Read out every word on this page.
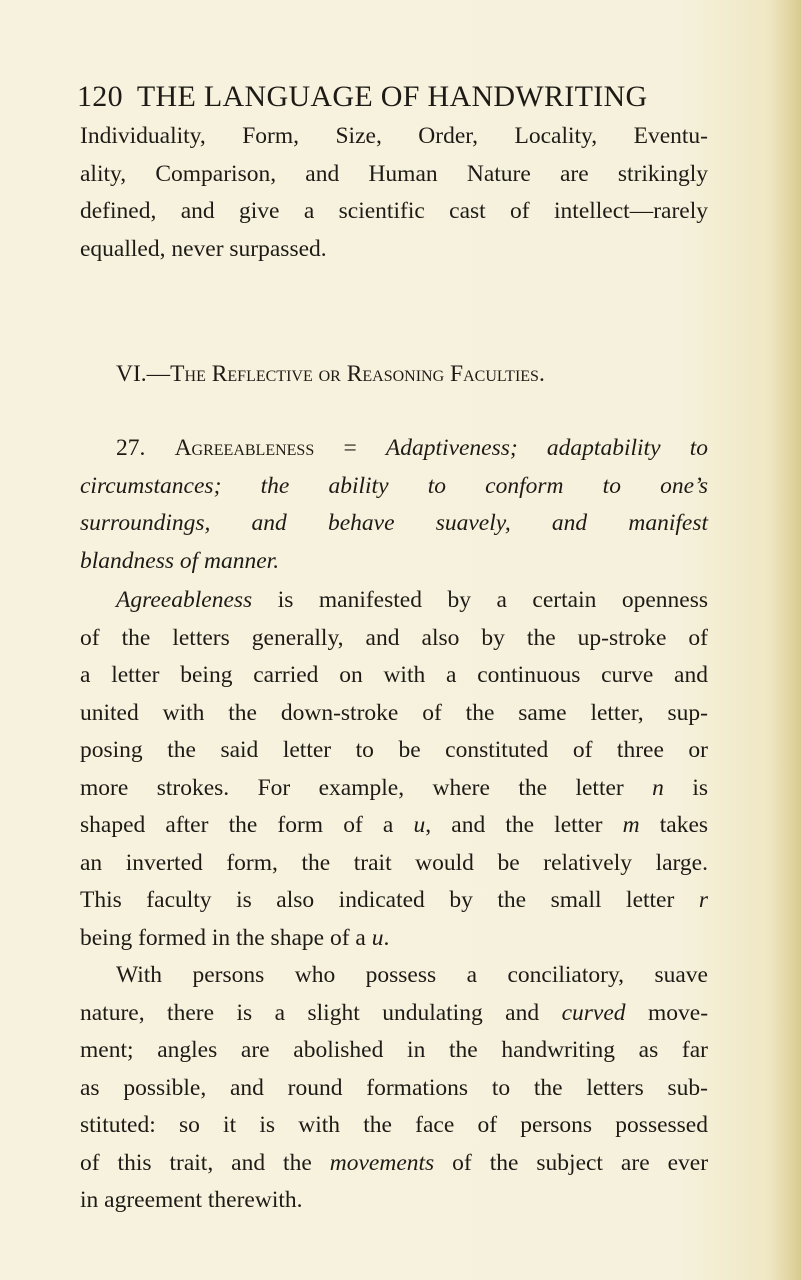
120 THE LANGUAGE OF HANDWRITING
Individuality, Form, Size, Order, Locality, Eventu-
ality, Comparison, and Human Nature are strikingly
defined, and give a scientific cast of intellect—rarely
equalled, never surpassed.
VI.—The Reflective or Reasoning Faculties.
27. Agreeableness = Adaptiveness; adaptability to
circumstances; the ability to conform to one’s
surroundings, and behave suavely, and manifest
blandness of manner.
Agreeableness is manifested by a certain openness
of the letters generally, and also by the up-stroke of
a letter being carried on with a continuous curve and
united with the down-stroke of the same letter, sup-
posing the said letter to be constituted of three or
more strokes. For example, where the letter n is
shaped after the form of a u, and the letter m takes
an inverted form, the trait would be relatively large.
This faculty is also indicated by the small letter r
being formed in the shape of a u.
With persons who possess a conciliatory, suave
nature, there is a slight undulating and curved move-
ment; angles are abolished in the handwriting as far
as possible, and round formations to the letters sub-
stituted: so it is with the face of persons possessed
of this trait, and the movements of the subject are ever
in agreement therewith.
